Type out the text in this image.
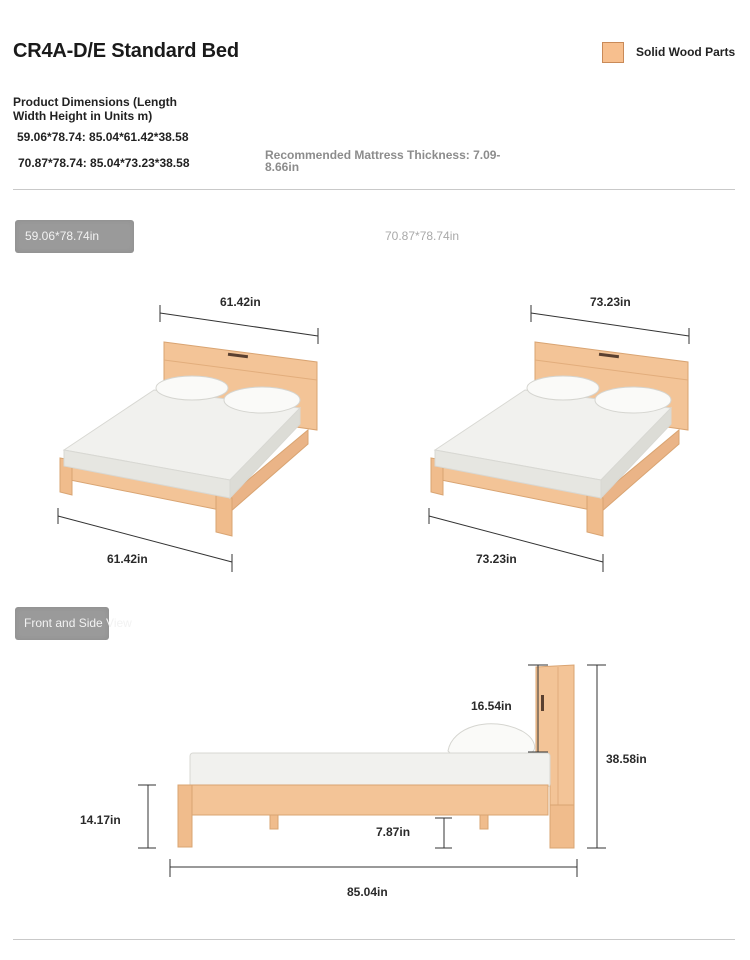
CR4A-D/E Standard Bed	Solid Wood Parts
Product Dimensions (Length Width Height in Units m)
59.06*78.74: 85.04*61.42*38.58
70.87*78.74: 85.04*73.23*38.58
Recommended Mattress Thickness: 7.09-8.66in
59.06*78.74in	70.87*78.74in
61.42in
61.42in
73.23in
73.23in
Front and Side View
16.54in
38.58in
14.17in
7.87in
85.04in
